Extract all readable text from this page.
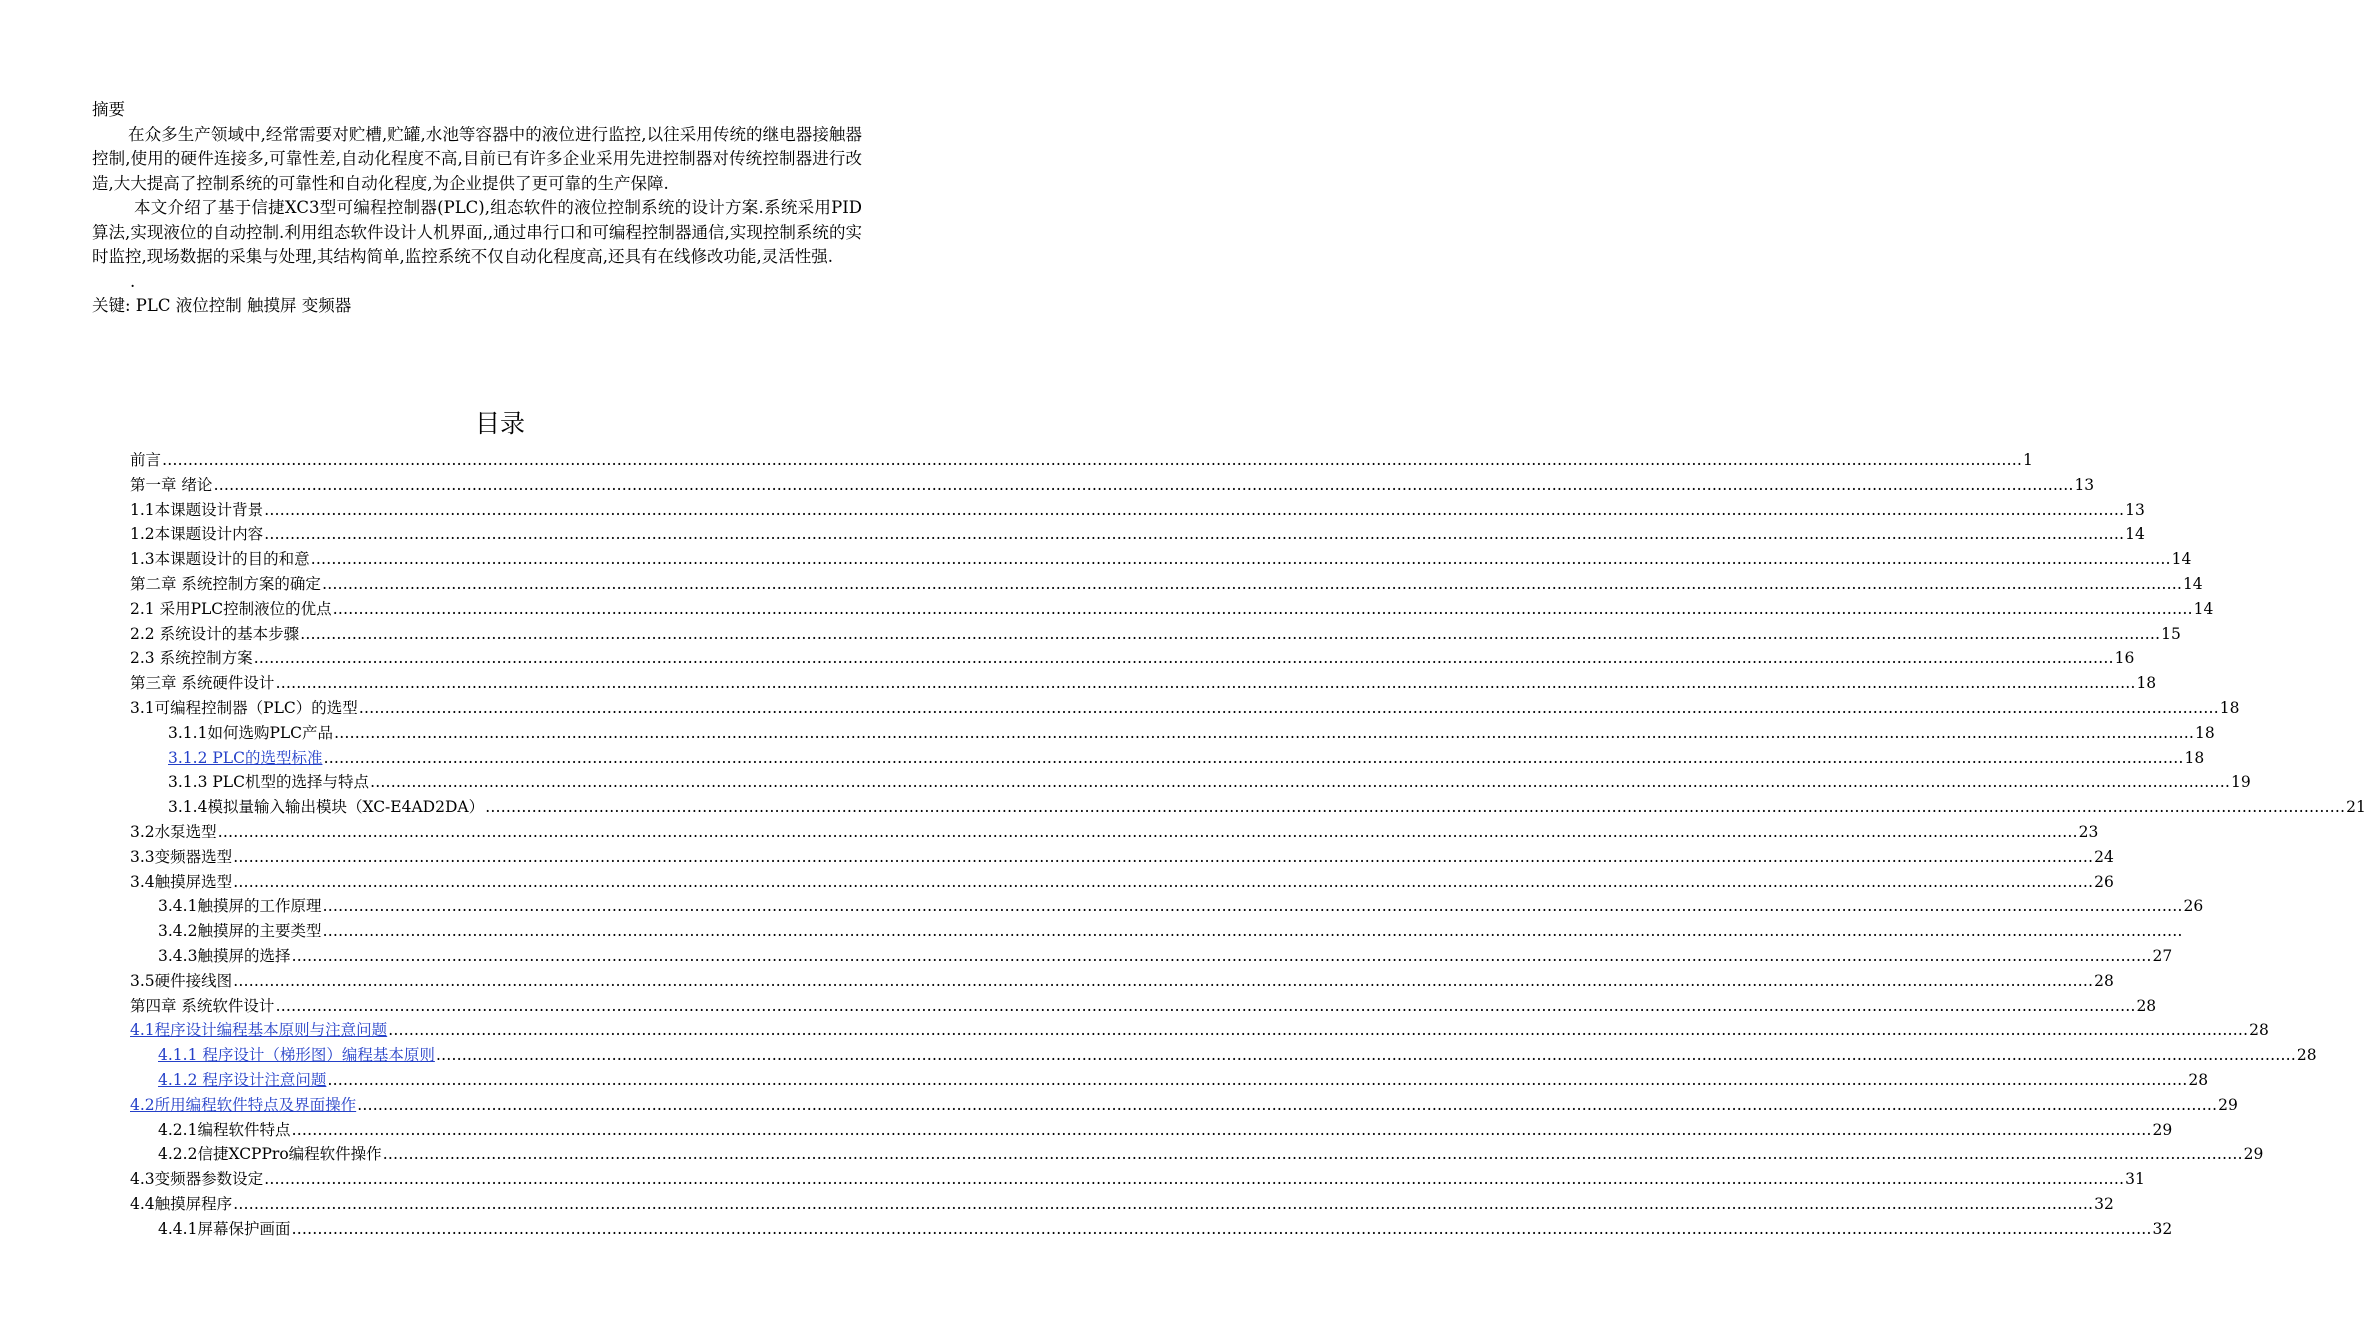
摘要

在众多生产领域中,经常需要对贮槽,贮罐,水池等容器中的液位进行监控,以往采用传统的继电器接触器控制,使用的硬件连接多,可靠性差,自动化程度不高,目前已有许多企业采用先进控制器对传统控制器进行改造,大大提高了控制系统的可靠性和自动化程度,为企业提供了更可靠的生产保障.

本文介绍了基于信捷XC3型可编程控制器(PLC),组态软件的液位控制系统的设计方案.系统采用PID算法,实现液位的自动控制.利用组态软件设计人机界面,,通过串行口和可编程控制器通信,实现控制系统的实时监控,现场数据的采集与处理,其结构简单,监控系统不仅自动化程度高,还具有在线修改功能,灵活性强.

.

关键: PLC 液位控制 触摸屏 变频器

目录
前言 ……………………………………………………………………………………………………………………………………………………………………………………………………………………………………………………………………………………………………………………………… 1
第一章 绪论 ……………………………………………………………………………………………………………………………………………………………………………………………………………………………………………………………………………………………………………………………… 13
1.1本课题设计背景 ……………………………………………………………………………………………………………………………………………………………………………………………………………………………………………………………………………………………………………………………… 13
1.2本课题设计内容 ……………………………………………………………………………………………………………………………………………………………………………………………………………………………………………………………………………………………………………………………… 14
1.3本课题设计的目的和意 ……………………………………………………………………………………………………………………………………………………………………………………………………………………………………………………………………………………………………………………………… 14
第二章 系统控制方案的确定 ……………………………………………………………………………………………………………………………………………………………………………………………………………………………………………………………………………………………………………………………… 14
2.1 采用PLC控制液位的优点 ……………………………………………………………………………………………………………………………………………………………………………………………………………………………………………………………………………………………………………………………… 14
2.2 系统设计的基本步骤 ……………………………………………………………………………………………………………………………………………………………………………………………………………………………………………………………………………………………………………………………… 15
2.3 系统控制方案 ……………………………………………………………………………………………………………………………………………………………………………………………………………………………………………………………………………………………………………………………… 16
第三章 系统硬件设计 ……………………………………………………………………………………………………………………………………………………………………………………………………………………………………………………………………………………………………………………………… 18
3.1可编程控制器（PLC）的选型 ……………………………………………………………………………………………………………………………………………………………………………………………………………………………………………………………………………………………………………………………… 18
3.1.1如何选购PLC产品 ……………………………………………………………………………………………………………………………………………………………………………………………………………………………………………………………………………………………………………………………… 18
3.1.2 PLC的选型标准 ……………………………………………………………………………………………………………………………………………………………………………………………………………………………………………………………………………………………………………………………… 18
3.1.3 PLC机型的选择与特点 ……………………………………………………………………………………………………………………………………………………………………………………………………………………………………………………………………………………………………………………………… 19
3.1.4模拟量输入输出模块（XC-E4AD2DA） ……………………………………………………………………………………………………………………………………………………………………………………………………………………………………………………………………………………………………………………………… 21
3.2水泵选型 ……………………………………………………………………………………………………………………………………………………………………………………………………………………………………………………………………………………………………………………………… 23
3.3变频器选型 ……………………………………………………………………………………………………………………………………………………………………………………………………………………………………………………………………………………………………………………………… 24
3.4触摸屏选型 ……………………………………………………………………………………………………………………………………………………………………………………………………………………………………………………………………………………………………………………………… 26
3.4.1触摸屏的工作原理 ……………………………………………………………………………………………………………………………………………………………………………………………………………………………………………………………………………………………………………………………… 26
3.4.2触摸屏的主要类型 ………………………………………………………………………………………………………………………………………………………………………………………………………………………………………………………………………………………………………………………………
3.4.3触摸屏的选择 ……………………………………………………………………………………………………………………………………………………………………………………………………………………………………………………………………………………………………………………………… 27
3.5硬件接线图 ……………………………………………………………………………………………………………………………………………………………………………………………………………………………………………………………………………………………………………………………… 28
第四章 系统软件设计 ……………………………………………………………………………………………………………………………………………………………………………………………………………………………………………………………………………………………………………………………… 28
4.1程序设计编程基本原则与注意问题 ……………………………………………………………………………………………………………………………………………………………………………………………………………………………………………………………………………………………………………………………… 28
4.1.1 程序设计（梯形图）编程基本原则 ……………………………………………………………………………………………………………………………………………………………………………………………………………………………………………………………………………………………………………………………… 28
4.1.2 程序设计注意问题 ……………………………………………………………………………………………………………………………………………………………………………………………………………………………………………………………………………………………………………………………… 28
4.2所用编程软件特点及界面操作 ……………………………………………………………………………………………………………………………………………………………………………………………………………………………………………………………………………………………………………………………… 29
4.2.1编程软件特点 ……………………………………………………………………………………………………………………………………………………………………………………………………………………………………………………………………………………………………………………………… 29
4.2.2信捷XCPPro编程软件操作 ……………………………………………………………………………………………………………………………………………………………………………………………………………………………………………………………………………………………………………………………… 29
4.3变频器参数设定 ……………………………………………………………………………………………………………………………………………………………………………………………………………………………………………………………………………………………………………………………… 31
4.4触摸屏程序 ……………………………………………………………………………………………………………………………………………………………………………………………………………………………………………………………………………………………………………………………… 32
4.4.1屏幕保护画面 ……………………………………………………………………………………………………………………………………………………………………………………………………………………………………………………………………………………………………………………………… 32
